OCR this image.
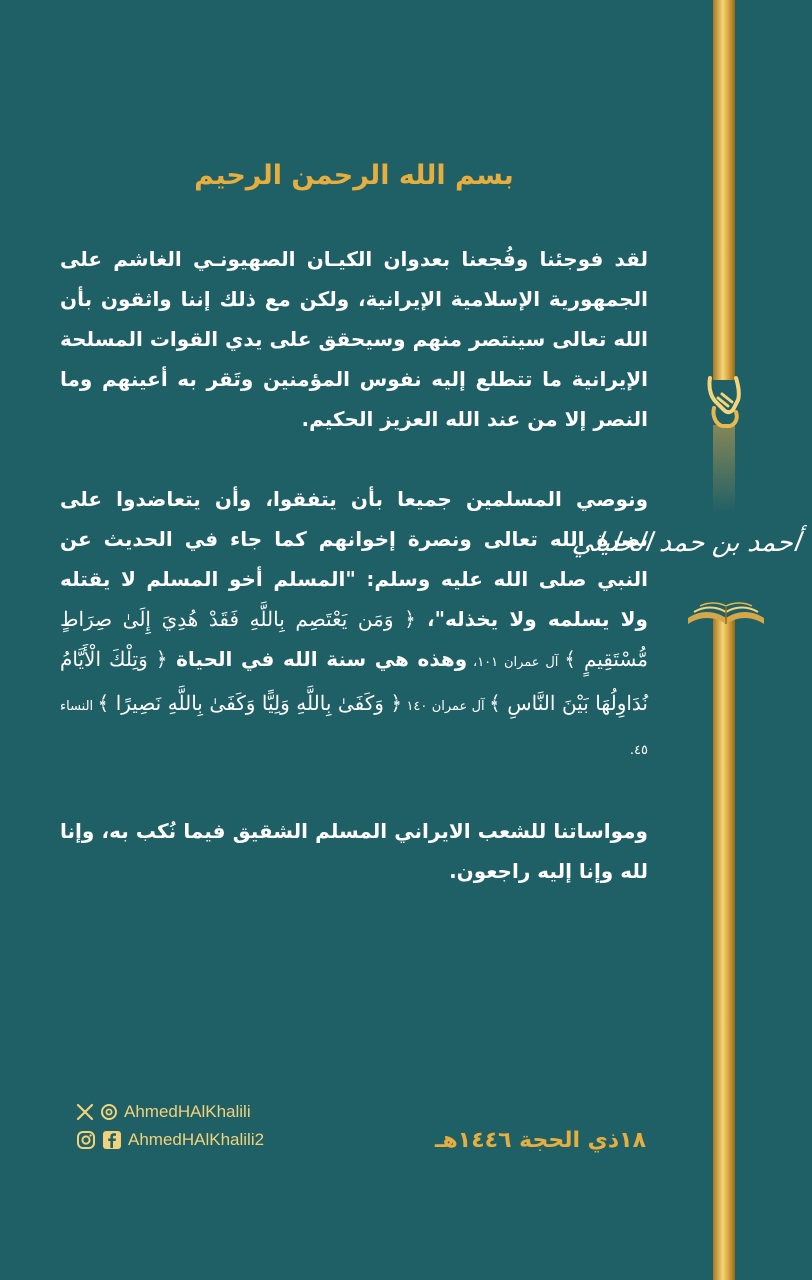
أحمد بن حمد الخليلي
بسم الله الرحمن الرحيم

لقد فوجئنا وفُجعنا بعدوان الكيـان الصهيونـي الغاشم على الجمهورية الإسلامية الإيرانية، ولكن مع ذلك إننا واثقون بأن الله تعالى سينتصر منهم وسيحقق على يدي القوات المسلحة الإيرانية ما تتطلع إليه نفوس المؤمنين وتَقر به أعينهم وما النصر إلا من عند الله العزيز الحكيم.

ونوصي المسلمين جميعا بأن يتفقوا، وأن يتعاضدوا على نصرة الله تعالى ونصرة إخوانهم كما جاء في الحديث عن النبي صلى الله عليه وسلم: "المسلم أخو المسلم لا يقتله ولا يسلمه ولا يخذله"، ﴿ وَمَن يَعْتَصِم بِاللَّهِ فَقَدْ هُدِيَ إِلَىٰ صِرَاطٍ مُّسْتَقِيمٍ ﴾ آل عمران ١٠١، وهذه هي سنة الله في الحياة ﴿ وَتِلْكَ الْأَيَّامُ نُدَاوِلُهَا بَيْنَ النَّاسِ ﴾ آل عمران ١٤٠ ﴿ وَكَفَىٰ بِاللَّهِ وَلِيًّا وَكَفَىٰ بِاللَّهِ نَصِيرًا ﴾ النساء ٤٥.

ومواساتنا للشعب الايراني المسلم الشقيق فيما نُكب به، وإنا لله وإنا إليه راجعون.

١٨ذي الحجة ١٤٤٦هـ
AhmedHAlKhalili
AhmedHAlKhalili2
